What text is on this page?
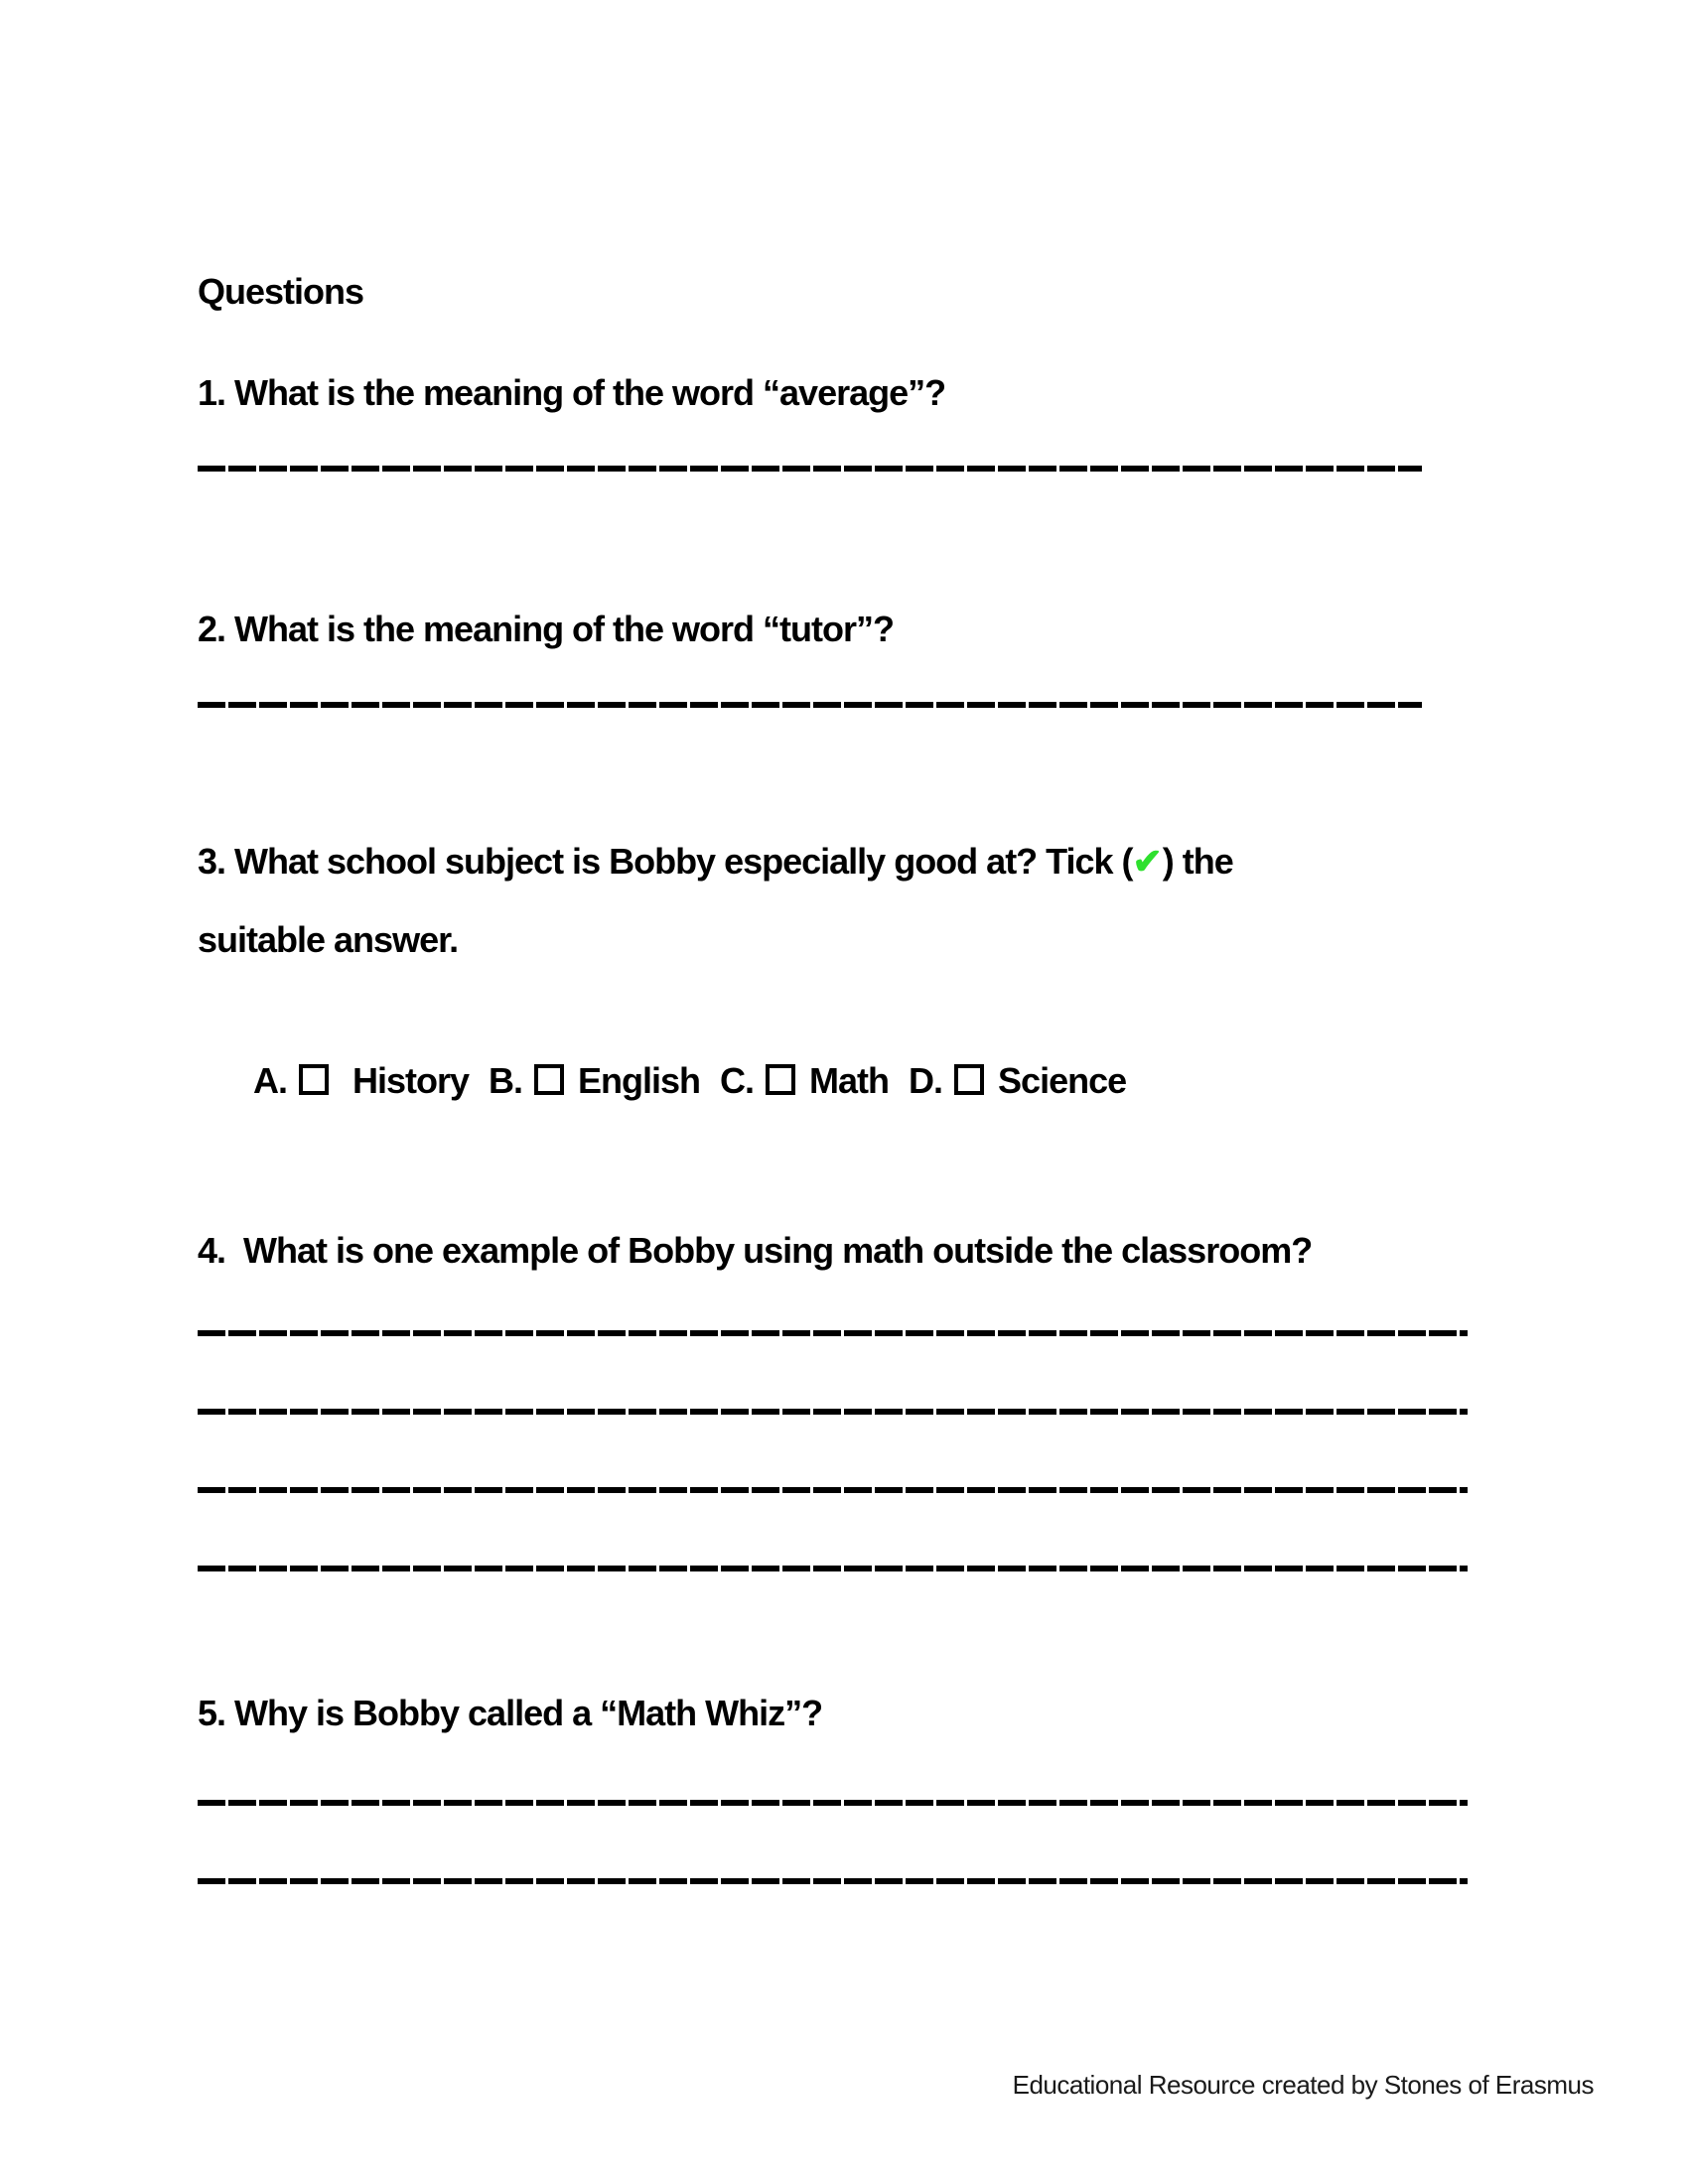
Questions
1. What is the meaning of the word “average”?
2. What is the meaning of the word “tutor”?
3. What school subject is Bobby especially good at? Tick (✔) the
suitable answer.
A. History B. English C. Math D. Science
4.  What is one example of Bobby using math outside the classroom?
5. Why is Bobby called a “Math Whiz”?
Educational Resource created by Stones of Erasmus
